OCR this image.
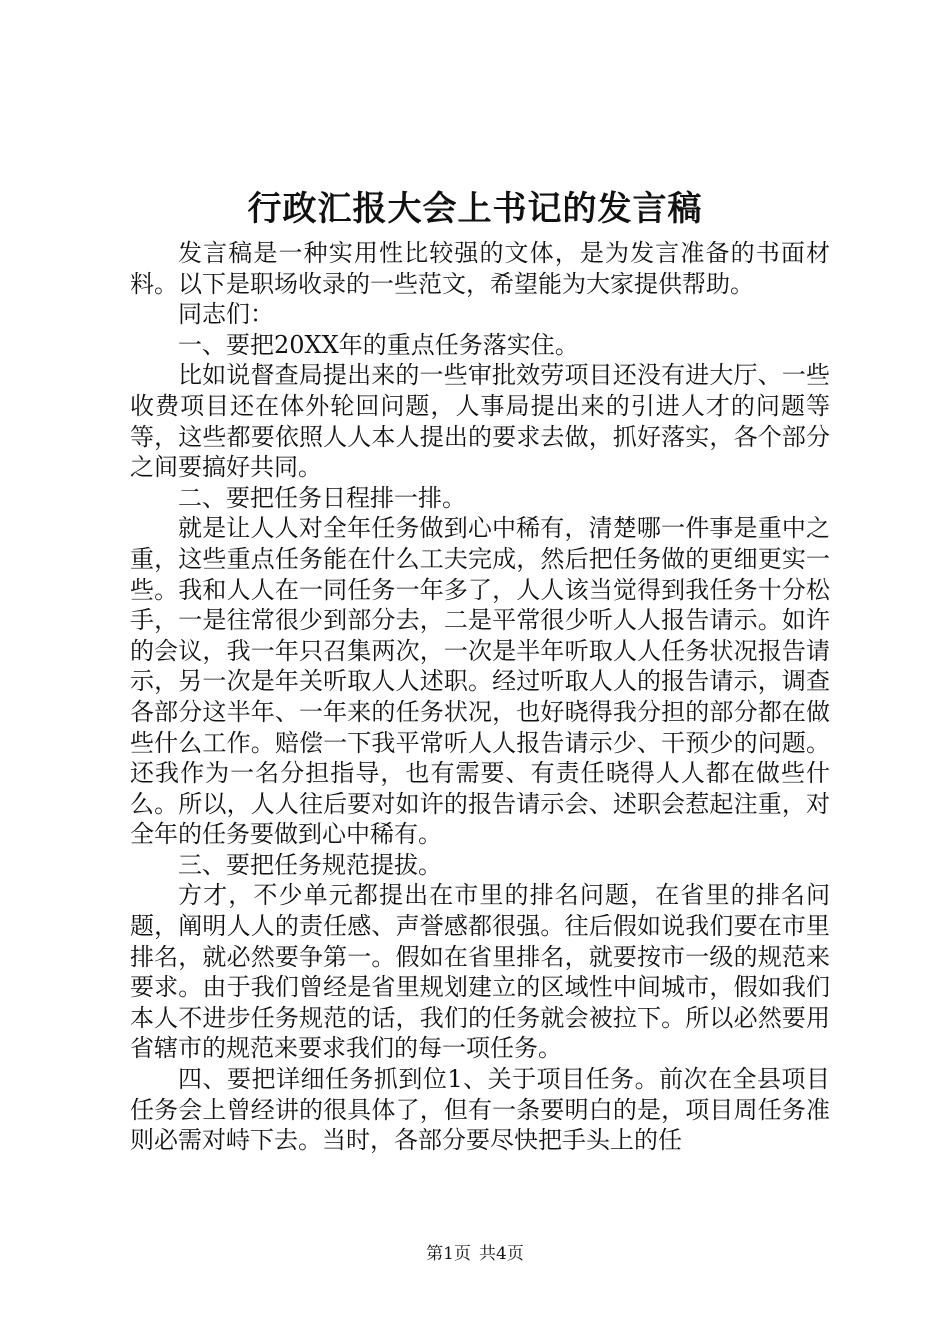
行政汇报大会上书记的发言稿

发言稿是一种实用性比较强的文体，是为发言准备的书面材料。以下是职场收录的一些范文，希望能为大家提供帮助。

同志们：

一、要把20XX年的重点任务落实住。

比如说督查局提出来的一些审批效劳项目还没有进大厅、一些收费项目还在体外轮回问题，人事局提出来的引进人才的问题等等，这些都要依照人人本人提出的要求去做，抓好落实，各个部分之间要搞好共同。

二、要把任务日程排一排。

就是让人人对全年任务做到心中稀有，清楚哪一件事是重中之重，这些重点任务能在什么工夫完成，然后把任务做的更细更实一些。我和人人在一同任务一年多了，人人该当觉得到我任务十分松手，一是往常很少到部分去，二是平常很少听人人报告请示。如许的会议，我一年只召集两次，一次是半年听取人人任务状况报告请示，另一次是年关听取人人述职。经过听取人人的报告请示，调查各部分这半年、一年来的任务状况，也好晓得我分担的部分都在做些什么工作。赔偿一下我平常听人人报告请示少、干预少的问题。还我作为一名分担指导，也有需要、有责任晓得人人都在做些什么。所以，人人往后要对如许的报告请示会、述职会惹起注重，对全年的任务要做到心中稀有。

三、要把任务规范提拔。

方才，不少单元都提出在市里的排名问题，在省里的排名问题，阐明人人的责任感、声誉感都很强。往后假如说我们要在市里排名，就必然要争第一。假如在省里排名，就要按市一级的规范来要求。由于我们曾经是省里规划建立的区域性中间城市，假如我们本人不进步任务规范的话，我们的任务就会被拉下。所以必然要用省辖市的规范来要求我们的每一项任务。

四、要把详细任务抓到位1、关于项目任务。前次在全县项目任务会上曾经讲的很具体了，但有一条要明白的是，项目周任务准则必需对峙下去。当时，各部分要尽快把手头上的任

第1页 共4页
